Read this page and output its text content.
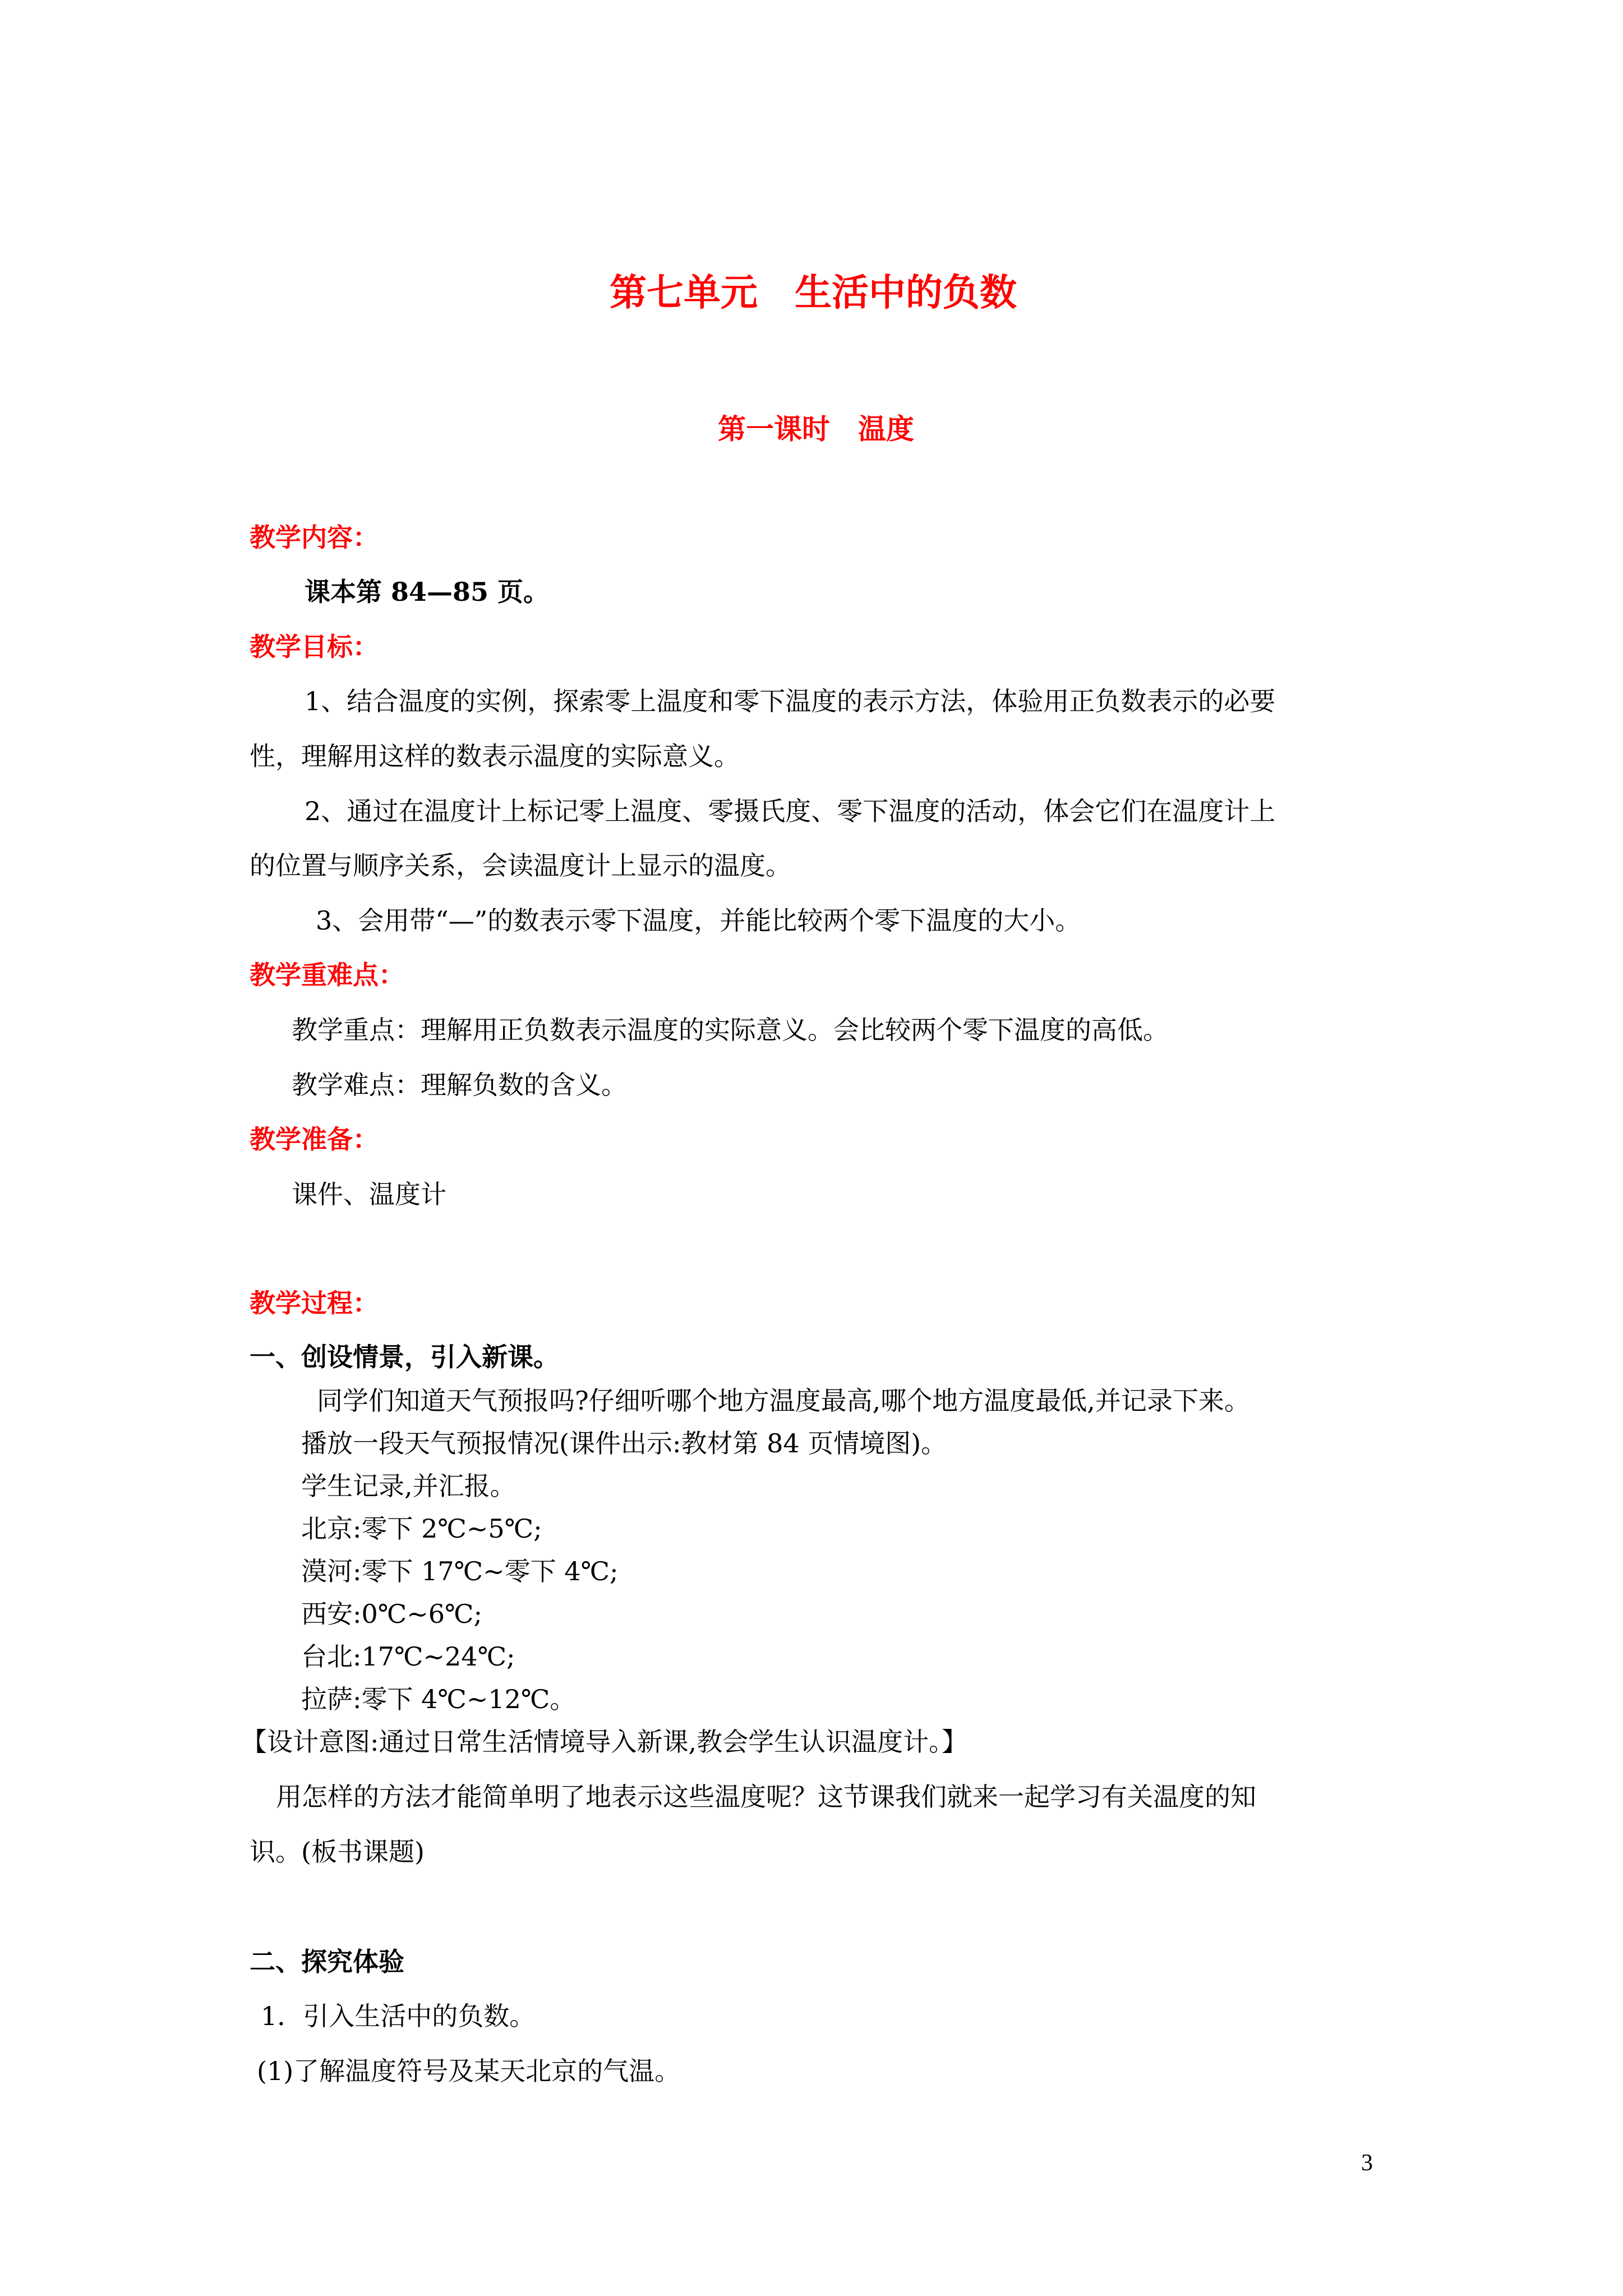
第七单元　生活中的负数
第一课时　温度
教学内容：
课本第 84—85 页。
教学目标：
1、结合温度的实例，探索零上温度和零下温度的表示方法，体验用正负数表示的必要
性，理解用这样的数表示温度的实际意义。
2、通过在温度计上标记零上温度、零摄氏度、零下温度的活动，体会它们在温度计上
的位置与顺序关系，会读温度计上显示的温度。
3、会用带“—”的数表示零下温度，并能比较两个零下温度的大小。
教学重难点：
教学重点：理解用正负数表示温度的实际意义。会比较两个零下温度的高低。
教学难点：理解负数的含义。
教学准备：
课件、温度计
教学过程：
一、创设情景，引入新课。
同学们知道天气预报吗?仔细听哪个地方温度最高,哪个地方温度最低,并记录下来。
播放一段天气预报情况(课件出示:教材第 84 页情境图)。
学生记录,并汇报。
北京:零下 2℃~5℃;
漠河:零下 17℃~零下 4℃;
西安:0℃~6℃;
台北:17℃~24℃;
拉萨:零下 4℃~12℃。
【设计意图:通过日常生活情境导入新课,教会学生认识温度计。】
用怎样的方法才能简单明了地表示这些温度呢？这节课我们就来一起学习有关温度的知
识。(板书课题)
二、探究体验
1．引入生活中的负数。
(1)了解温度符号及某天北京的气温。
3
